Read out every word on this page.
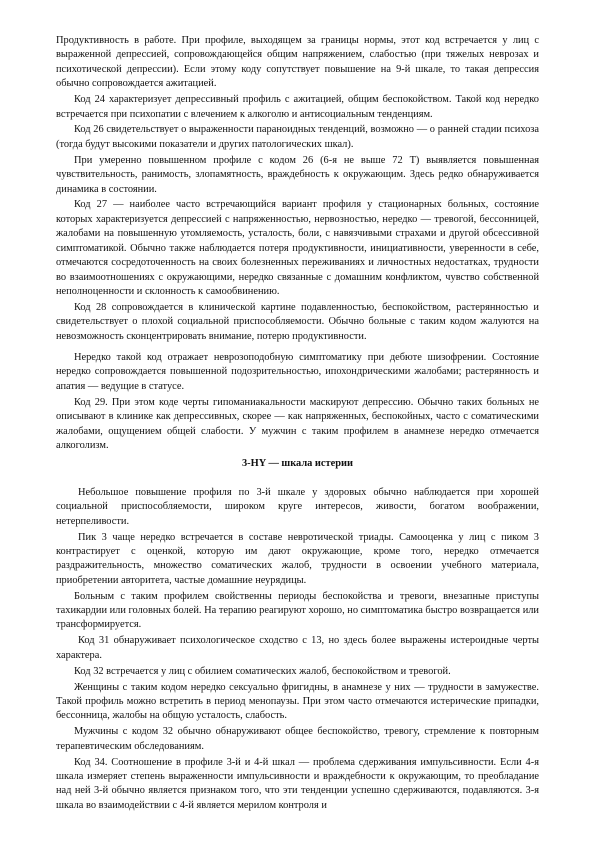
Продуктивность в работе. При профиле, выходящем за границы нормы, этот код встречается у лиц с выраженной депрессией, сопровождающейся общим напряжением, слабостью (при тяжелых неврозах и психотической депрессии). Если этому коду сопутствует повышение на 9-й шкале, то такая депрессия обычно сопровождается ажитацией.

Код 24 характеризует депрессивный профиль с ажитацией, общим беспокойством. Такой код нередко встречается при психопатии с влечением к алкоголю и антисоциальным тенденциям.

Код 26 свидетельствует о выраженности параноидных тенденций, возможно — о ранней стадии психоза (тогда будут высокими показатели и других патологических шкал).

При умеренно повышенном профиле с кодом 26 (6-я не выше 72 Т) выявляется повышенная чувствительность, ранимость, злопамятность, враждебность к окружающим. Здесь редко обнаруживается динамика в состоянии.

Код 27 — наиболее часто встречающийся вариант профиля у стационарных больных, состояние которых характеризуется депрессией с напряженностью, нервозностью, нередко — тревогой, бессонницей, жалобами на повышенную утомляемость, усталость, боли, с навязчивыми страхами и другой обсессивной симптоматикой. Обычно также наблюдается потеря продуктивности, инициативности, уверенности в себе, отмечаются сосредоточенность на своих болезненных переживаниях и личностных недостатках, трудности во взаимоотношениях с окружающими, нередко связанные с домашним конфликтом, чувство собственной неполноценности и склонность к самообвинению.

Код 28 сопровождается в клинической картине подавленностью, беспокойством, растерянностью и свидетельствует о плохой социальной приспособляемости. Обычно больные с таким кодом жалуются на невозможность сконцентрировать внимание, потерю продуктивности.

Нередко такой код отражает неврозоподобную симптоматику при дебюте шизофрении. Состояние нередко сопровождается повышенной подозрительностью, ипохондрическими жалобами; растерянность и апатия — ведущие в статусе.

Код 29. При этом коде черты гипоманиакальности маскируют депрессию. Обычно таких больных не описывают в клинике как депрессивных, скорее — как напряженных, беспокойных, часто с соматическими жалобами, ощущением общей слабости. У мужчин с таким профилем в анамнезе нередко отмечается алкоголизм.

3-HY — шкала истерии

Небольшое повышение профиля по 3-й шкале у здоровых обычно наблюдается при хорошей социальной приспособляемости, широком круге интересов, живости, богатом воображении, нетерпеливости.

Пик 3 чаще нередко встречается в составе невротической триады. Самооценка у лиц с пиком 3 контрастирует с оценкой, которую им дают окружающие, кроме того, нередко отмечается раздражительность, множество соматических жалоб, трудности в освоении учебного материала, приобретении авторитета, частые домашние неурядицы.

Больным с таким профилем свойственны периоды беспокойства и тревоги, внезапные приступы тахикардии или головных болей. На терапию реагируют хорошо, но симптоматика быстро возвращается или трансформируется.

Код 31 обнаруживает психологическое сходство с 13, но здесь более выражены истероидные черты характера.

Код 32 встречается у лиц с обилием соматических жалоб, беспокойством и тревогой.

Женщины с таким кодом нередко сексуально фригидны, в анамнезе у них — трудности в замужестве. Такой профиль можно встретить в период менопаузы. При этом часто отмечаются истерические припадки, бессонница, жалобы на общую усталость, слабость.

Мужчины с кодом 32 обычно обнаруживают общее беспокойство, тревогу, стремление к повторным терапевтическим обследованиям.

Код 34. Соотношение в профиле 3-й и 4-й шкал — проблема сдерживания импульсивности. Если 4-я шкала измеряет степень выраженности импульсивности и враждебности к окружающим, то преобладание над ней 3-й обычно является признаком того, что эти тенденции успешно сдерживаются, подавляются. 3-я шкала во взаимодействии с 4-й является мерилом контроля и
